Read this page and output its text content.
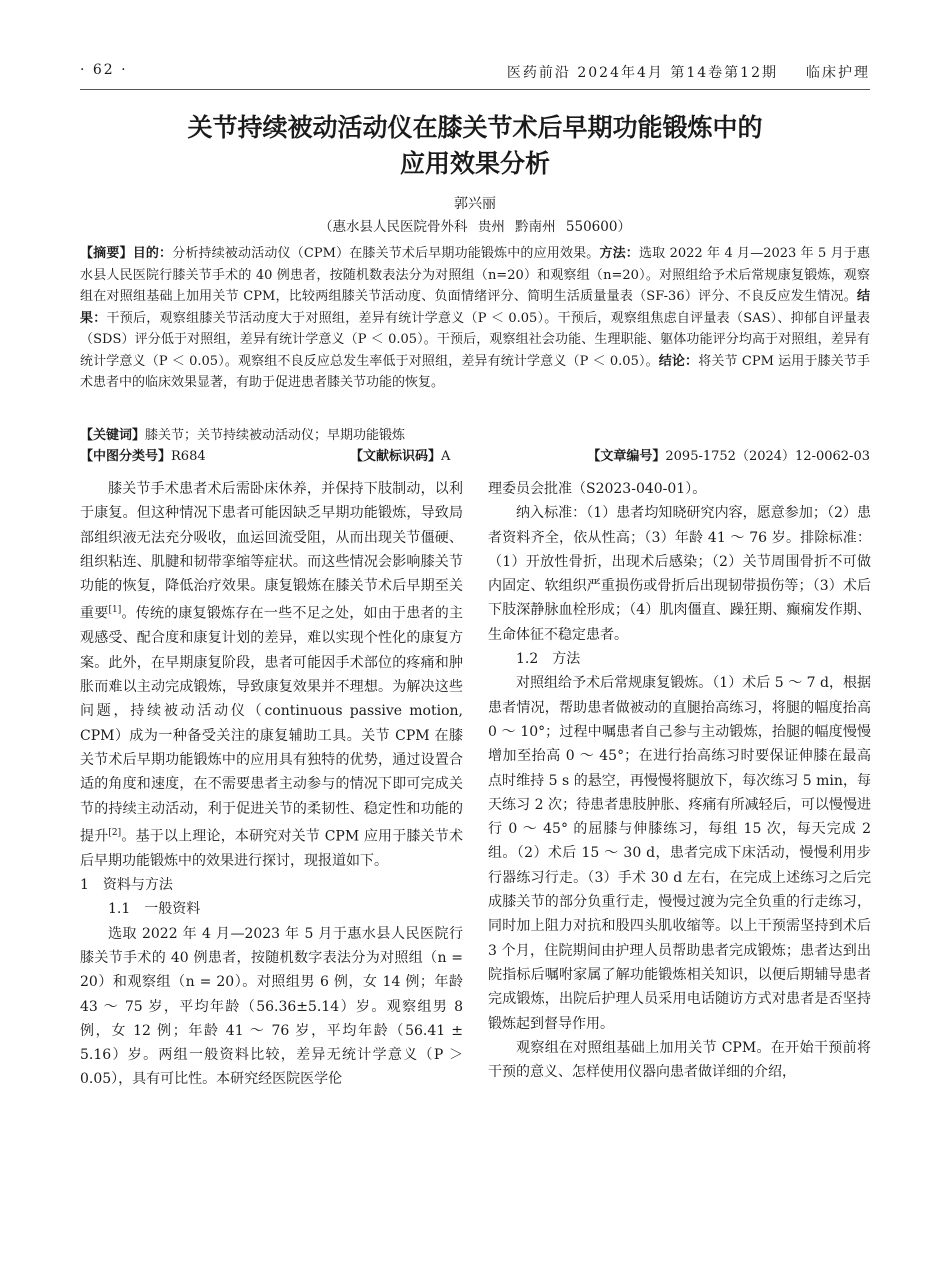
· 62 ·	医药前沿 2024年4月 第14卷第12期 临床护理
关节持续被动活动仪在膝关节术后早期功能锻炼中的
应用效果分析
郭兴丽
（惠水县人民医院骨外科 贵州 黔南州 550600）
【摘要】目的：分析持续被动活动仪（CPM）在膝关节术后早期功能锻炼中的应用效果。方法：选取 2022 年 4 月—2023 年 5 月于惠水县人民医院行膝关节手术的 40 例患者，按随机数表法分为对照组（n=20）和观察组（n=20）。对照组给予术后常规康复锻炼，观察组在对照组基础上加用关节 CPM，比较两组膝关节活动度、负面情绪评分、简明生活质量量表（SF-36）评分、不良反应发生情况。结果：干预后，观察组膝关节活动度大于对照组，差异有统计学意义（P ＜ 0.05）。干预后，观察组焦虑自评量表（SAS）、抑郁自评量表（SDS）评分低于对照组，差异有统计学意义（P ＜ 0.05）。干预后，观察组社会功能、生理职能、躯体功能评分均高于对照组，差异有统计学意义（P ＜ 0.05）。观察组不良反应总发生率低于对照组，差异有统计学意义（P ＜ 0.05）。结论：将关节 CPM 运用于膝关节手术患者中的临床效果显著，有助于促进患者膝关节功能的恢复。
【关键词】膝关节；关节持续被动活动仪；早期功能锻炼
【中图分类号】R684	【文献标识码】A	【文章编号】2095-1752（2024）12-0062-03

膝关节手术患者术后需卧床休养，并保持下肢制动，以利于康复。但这种情况下患者可能因缺乏早期功能锻炼，导致局部组织液无法充分吸收，血运回流受阻，从而出现关节僵硬、组织粘连、肌腱和韧带挛缩等症状。而这些情况会影响膝关节功能的恢复，降低治疗效果。康复锻炼在膝关节术后早期至关重要[1]。传统的康复锻炼存在一些不足之处，如由于患者的主观感受、配合度和康复计划的差异，难以实现个性化的康复方案。此外，在早期康复阶段，患者可能因手术部位的疼痛和肿胀而难以主动完成锻炼，导致康复效果并不理想。为解决这些问题，持续被动活动仪（continuous passive motion, CPM）成为一种备受关注的康复辅助工具。关节 CPM 在膝关节术后早期功能锻炼中的应用具有独特的优势，通过设置合适的角度和速度，在不需要患者主动参与的情况下即可完成关节的持续主动活动，利于促进关节的柔韧性、稳定性和功能的提升[2]。基于以上理论，本研究对关节 CPM 应用于膝关节术后早期功能锻炼中的效果进行探讨，现报道如下。

1　资料与方法

1.1　一般资料

选取 2022 年 4 月—2023 年 5 月于惠水县人民医院行膝关节手术的 40 例患者，按随机数字表法分为对照组（n = 20）和观察组（n = 20）。对照组男 6 例，女 14 例；年龄 43 ～ 75 岁，平均年龄（56.36±5.14）岁。观察组男 8 例，女 12 例；年龄 41 ～ 76 岁，平均年龄（56.41 ± 5.16）岁。两组一般资料比较，差异无统计学意义（P ＞ 0.05），具有可比性。本研究经医院医学伦

理委员会批准（S2023-040-01）。

纳入标准：（1）患者均知晓研究内容，愿意参加；（2）患者资料齐全，依从性高；（3）年龄 41 ～ 76 岁。排除标准：（1）开放性骨折，出现术后感染；（2）关节周围骨折不可做内固定、软组织严重损伤或骨折后出现韧带损伤等；（3）术后下肢深静脉血栓形成；（4）肌肉僵直、躁狂期、癫痫发作期、生命体征不稳定患者。

1.2　方法

对照组给予术后常规康复锻炼。（1）术后 5 ～ 7 d，根据患者情况，帮助患者做被动的直腿抬高练习，将腿的幅度抬高 0 ～ 10°；过程中嘱患者自己参与主动锻炼，抬腿的幅度慢慢增加至抬高 0 ～ 45°；在进行抬高练习时要保证伸膝在最高点时维持 5 s 的悬空，再慢慢将腿放下，每次练习 5 min，每天练习 2 次；待患者患肢肿胀、疼痛有所减轻后，可以慢慢进行 0 ～ 45° 的屈膝与伸膝练习，每组 15 次，每天完成 2 组。（2）术后 15 ～ 30 d，患者完成下床活动，慢慢利用步行器练习行走。（3）手术 30 d 左右，在完成上述练习之后完成膝关节的部分负重行走，慢慢过渡为完全负重的行走练习，同时加上阻力对抗和股四头肌收缩等。以上干预需坚持到术后 3 个月，住院期间由护理人员帮助患者完成锻炼；患者达到出院指标后嘱咐家属了解功能锻炼相关知识，以便后期辅导患者完成锻炼，出院后护理人员采用电话随访方式对患者是否坚持锻炼起到督导作用。

观察组在对照组基础上加用关节 CPM。在开始干预前将干预的意义、怎样使用仪器向患者做详细的介绍，
